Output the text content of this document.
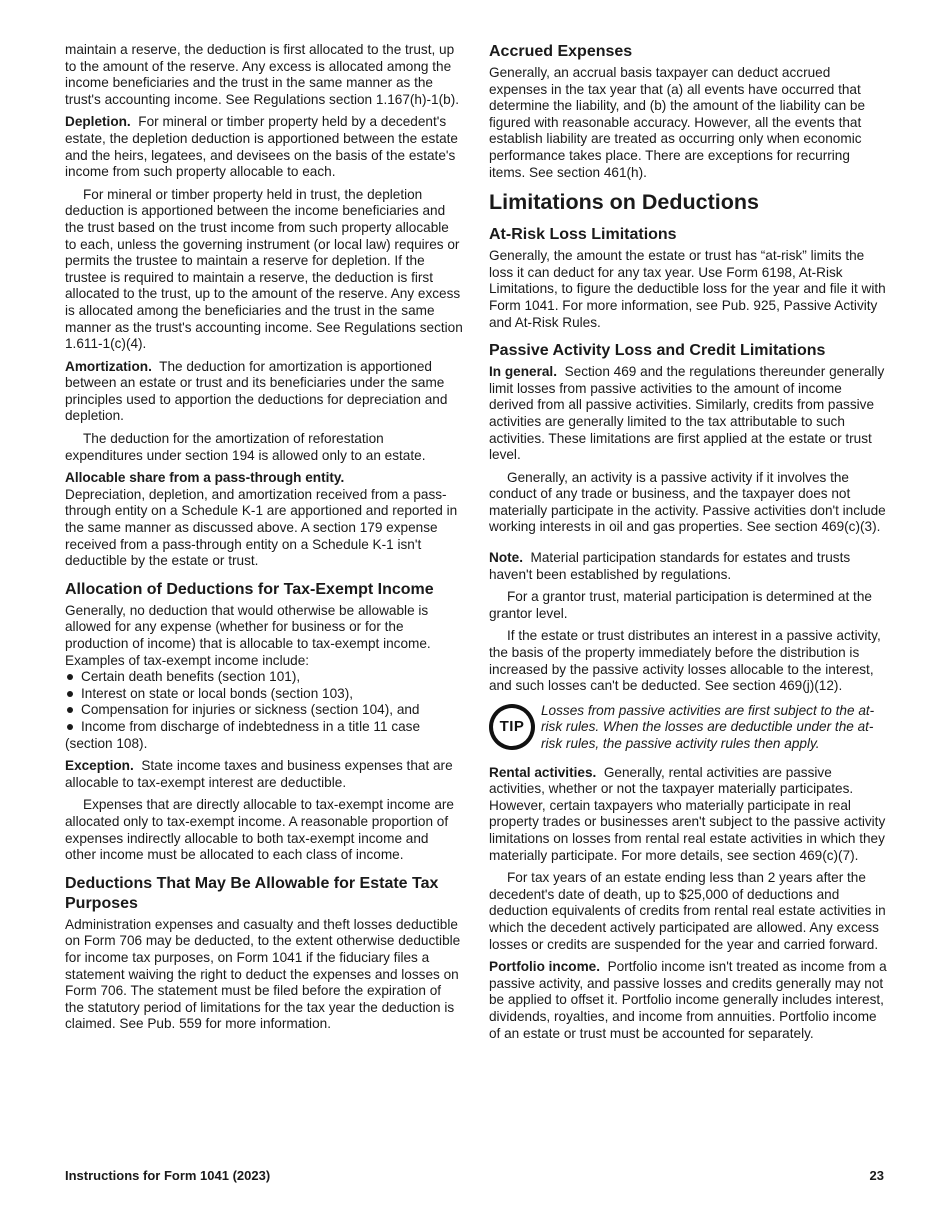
maintain a reserve, the deduction is first allocated to the trust, up to the amount of the reserve. Any excess is allocated among the income beneficiaries and the trust in the same manner as the trust's accounting income. See Regulations section 1.167(h)-1(b).

Depletion. For mineral or timber property held by a decedent's estate, the depletion deduction is apportioned between the estate and the heirs, legatees, and devisees on the basis of the estate's income from such property allocable to each.

For mineral or timber property held in trust, the depletion deduction is apportioned between the income beneficiaries and the trust based on the trust income from such property allocable to each, unless the governing instrument (or local law) requires or permits the trustee to maintain a reserve for depletion. If the trustee is required to maintain a reserve, the deduction is first allocated to the trust, up to the amount of the reserve. Any excess is allocated among the beneficiaries and the trust in the same manner as the trust's accounting income. See Regulations section 1.611-1(c)(4).

Amortization. The deduction for amortization is apportioned between an estate or trust and its beneficiaries under the same principles used to apportion the deductions for depreciation and depletion.

The deduction for the amortization of reforestation expenditures under section 194 is allowed only to an estate.

Allocable share from a pass-through entity.
Depreciation, depletion, and amortization received from a pass-through entity on a Schedule K-1 are apportioned and reported in the same manner as discussed above. A section 179 expense received from a pass-through entity on a Schedule K-1 isn't deductible by the estate or trust.

Allocation of Deductions for Tax-Exempt Income

Generally, no deduction that would otherwise be allowable is allowed for any expense (whether for business or for the production of income) that is allocable to tax-exempt income. Examples of tax-exempt income include:

Certain death benefits (section 101),
Interest on state or local bonds (section 103),
Compensation for injuries or sickness (section 104), and
Income from discharge of indebtedness in a title 11 case (section 108).

Exception. State income taxes and business expenses that are allocable to tax-exempt interest are deductible.

Expenses that are directly allocable to tax-exempt income are allocated only to tax-exempt income. A reasonable proportion of expenses indirectly allocable to both tax-exempt income and other income must be allocated to each class of income.

Deductions That May Be Allowable for Estate Tax Purposes

Administration expenses and casualty and theft losses deductible on Form 706 may be deducted, to the extent otherwise deductible for income tax purposes, on Form 1041 if the fiduciary files a statement waiving the right to deduct the expenses and losses on Form 706. The statement must be filed before the expiration of the statutory period of limitations for the tax year the deduction is claimed. See Pub. 559 for more information.

Accrued Expenses

Generally, an accrual basis taxpayer can deduct accrued expenses in the tax year that (a) all events have occurred that determine the liability, and (b) the amount of the liability can be figured with reasonable accuracy. However, all the events that establish liability are treated as occurring only when economic performance takes place. There are exceptions for recurring items. See section 461(h).

Limitations on Deductions
At-Risk Loss Limitations

Generally, the amount the estate or trust has “at-risk” limits the loss it can deduct for any tax year. Use Form 6198, At-Risk Limitations, to figure the deductible loss for the year and file it with Form 1041. For more information, see Pub. 925, Passive Activity and At-Risk Rules.

Passive Activity Loss and Credit Limitations

In general. Section 469 and the regulations thereunder generally limit losses from passive activities to the amount of income derived from all passive activities. Similarly, credits from passive activities are generally limited to the tax attributable to such activities. These limitations are first applied at the estate or trust level.

Generally, an activity is a passive activity if it involves the conduct of any trade or business, and the taxpayer does not materially participate in the activity. Passive activities don't include working interests in oil and gas properties. See section 469(c)(3).

Note. Material participation standards for estates and trusts haven't been established by regulations.

For a grantor trust, material participation is determined at the grantor level.

If the estate or trust distributes an interest in a passive activity, the basis of the property immediately before the distribution is increased by the passive activity losses allocable to the interest, and such losses can't be deducted. See section 469(j)(12).

TIP

Losses from passive activities are first subject to the at-risk rules. When the losses are deductible under the at-risk rules, the passive activity rules then apply.

Rental activities. Generally, rental activities are passive activities, whether or not the taxpayer materially participates. However, certain taxpayers who materially participate in real property trades or businesses aren't subject to the passive activity limitations on losses from rental real estate activities in which they materially participate. For more details, see section 469(c)(7).

For tax years of an estate ending less than 2 years after the decedent's date of death, up to $25,000 of deductions and deduction equivalents of credits from rental real estate activities in which the decedent actively participated are allowed. Any excess losses or credits are suspended for the year and carried forward.

Portfolio income. Portfolio income isn't treated as income from a passive activity, and passive losses and credits generally may not be applied to offset it. Portfolio income generally includes interest, dividends, royalties, and income from annuities. Portfolio income of an estate or trust must be accounted for separately.

Instructions for Form 1041 (2023)	23
